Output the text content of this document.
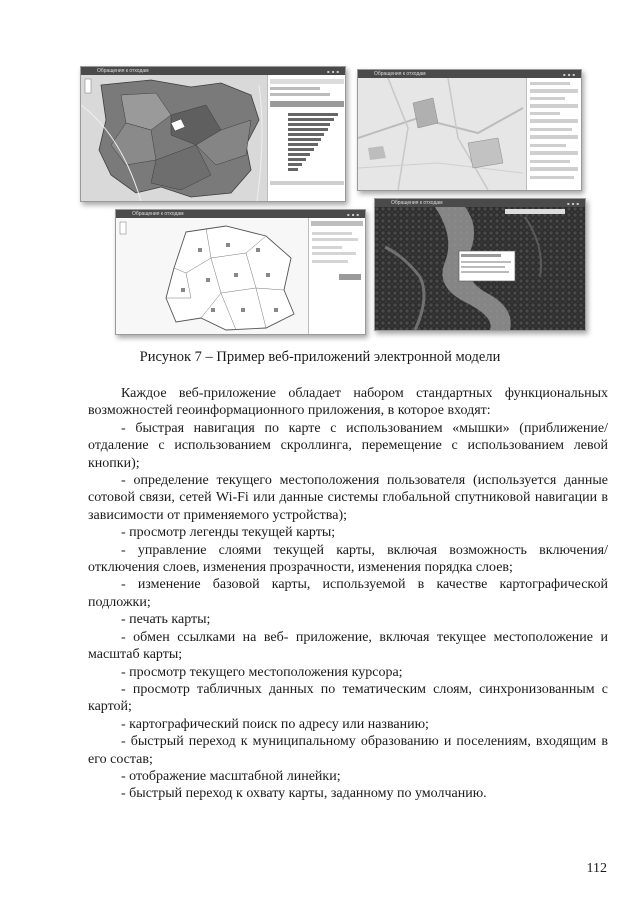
Обращения к отходам	▪▪▪	Обращения к отходам	▪▪▪
Обращения к отходам	▪▪▪
Обращения к отходам	▪▪▪
Рисунок 7 – Пример веб-приложений электронной модели

Каждое веб-приложение обладает набором стандартных функциональных возможностей геоинформационного приложения, в которое входят:

- быстрая навигация по карте с использованием «мышки» (приближение/отдаление с использованием скроллинга, перемещение с использованием левой кнопки);

- определение текущего местоположения пользователя (используется данные сотовой связи, сетей Wi-Fi или данные системы глобальной спутниковой навигации в зависимости от применяемого устройства);

- просмотр легенды текущей карты;

- управление слоями текущей карты, включая возможность включения/отключения слоев, изменения прозрачности, изменения порядка слоев;

- изменение базовой карты, используемой в качестве картографической подложки;

- печать карты;

- обмен ссылками на веб- приложение, включая текущее местоположение и масштаб карты;

- просмотр текущего местоположения курсора;

- просмотр табличных данных по тематическим слоям, синхронизованным с картой;

- картографический поиск по адресу или названию;

- быстрый переход к муниципальному образованию и поселениям, входящим в его состав;

- отображение масштабной линейки;

- быстрый переход к охвату карты, заданному по умолчанию.

112
